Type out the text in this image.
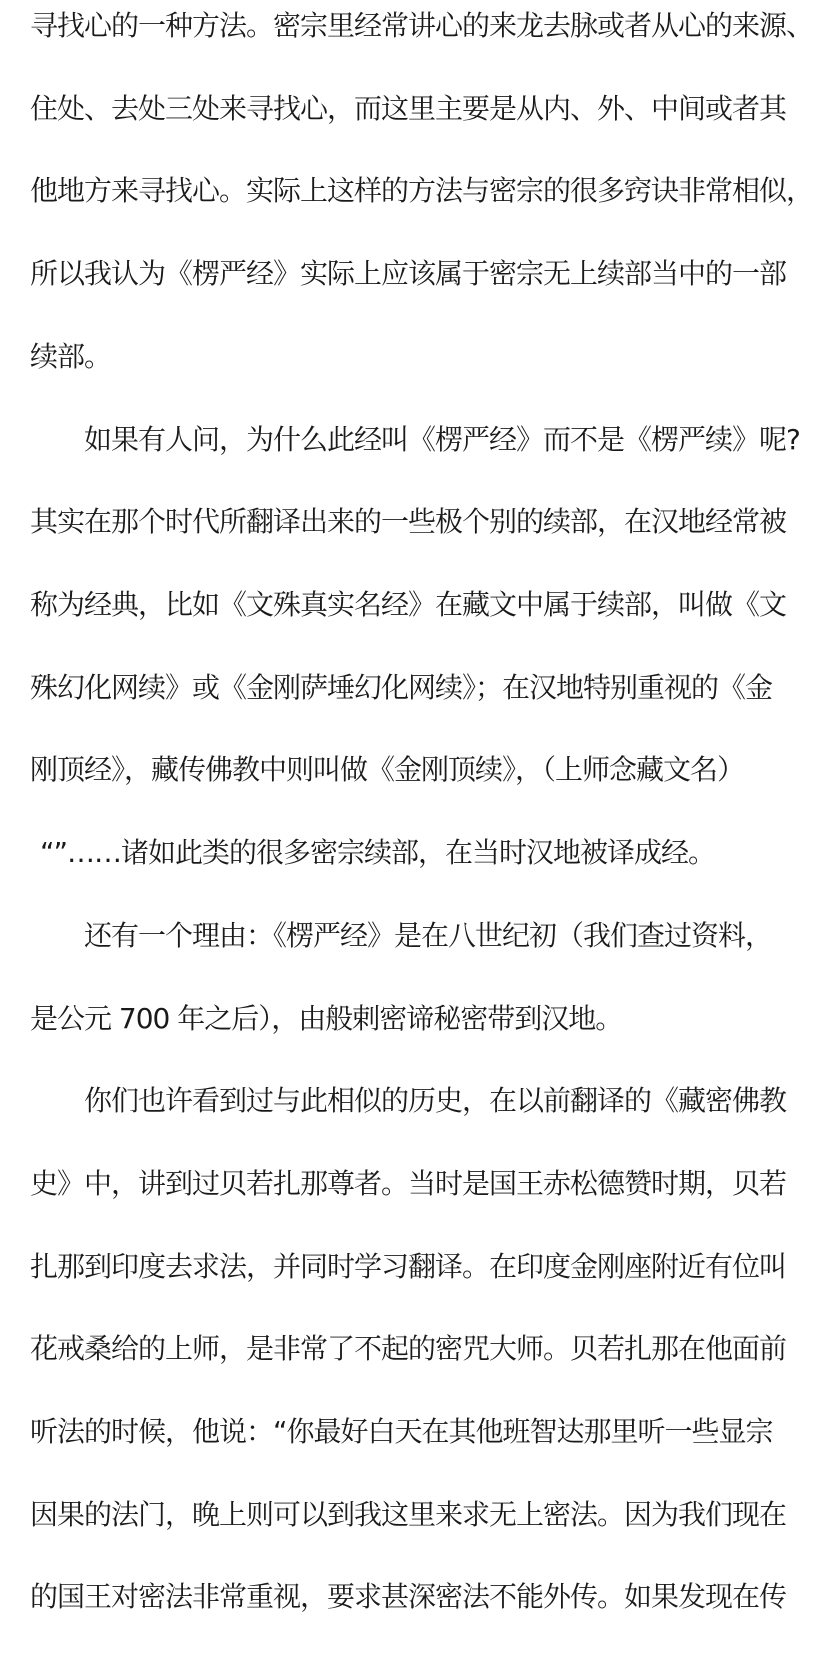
寻找心的一种方法。密宗里经常讲心的来龙去脉或者从心的来源、
住处、去处三处来寻找心，而这里主要是从内、外、中间或者其
他地方来寻找心。实际上这样的方法与密宗的很多窍诀非常相似，
所以我认为《楞严经》实际上应该属于密宗无上续部当中的一部
续部。
如果有人问，为什么此经叫《楞严经》而不是《楞严续》呢?
其实在那个时代所翻译出来的一些极个别的续部，在汉地经常被
称为经典，比如《文殊真实名经》在藏文中属于续部，叫做《文
殊幻化网续》或《金刚萨埵幻化网续》；在汉地特别重视的《金
刚顶经》，藏传佛教中则叫做《金刚顶续》，（上师念藏文名）
“”……诸如此类的很多密宗续部，在当时汉地被译成经。
还有一个理由：《楞严经》是在八世纪初（我们查过资料，
是公元 700 年之后），由般剌密谛秘密带到汉地。
你们也许看到过与此相似的历史，在以前翻译的《藏密佛教
史》中，讲到过贝若扎那尊者。当时是国王赤松德赞时期，贝若
扎那到印度去求法，并同时学习翻译。在印度金刚座附近有位叫
花戒桑给的上师，是非常了不起的密咒大师。贝若扎那在他面前
听法的时候，他说：“你最好白天在其他班智达那里听一些显宗
因果的法门，晚上则可以到我这里来求无上密法。因为我们现在
的国王对密法非常重视，要求甚深密法不能外传。如果发现在传
